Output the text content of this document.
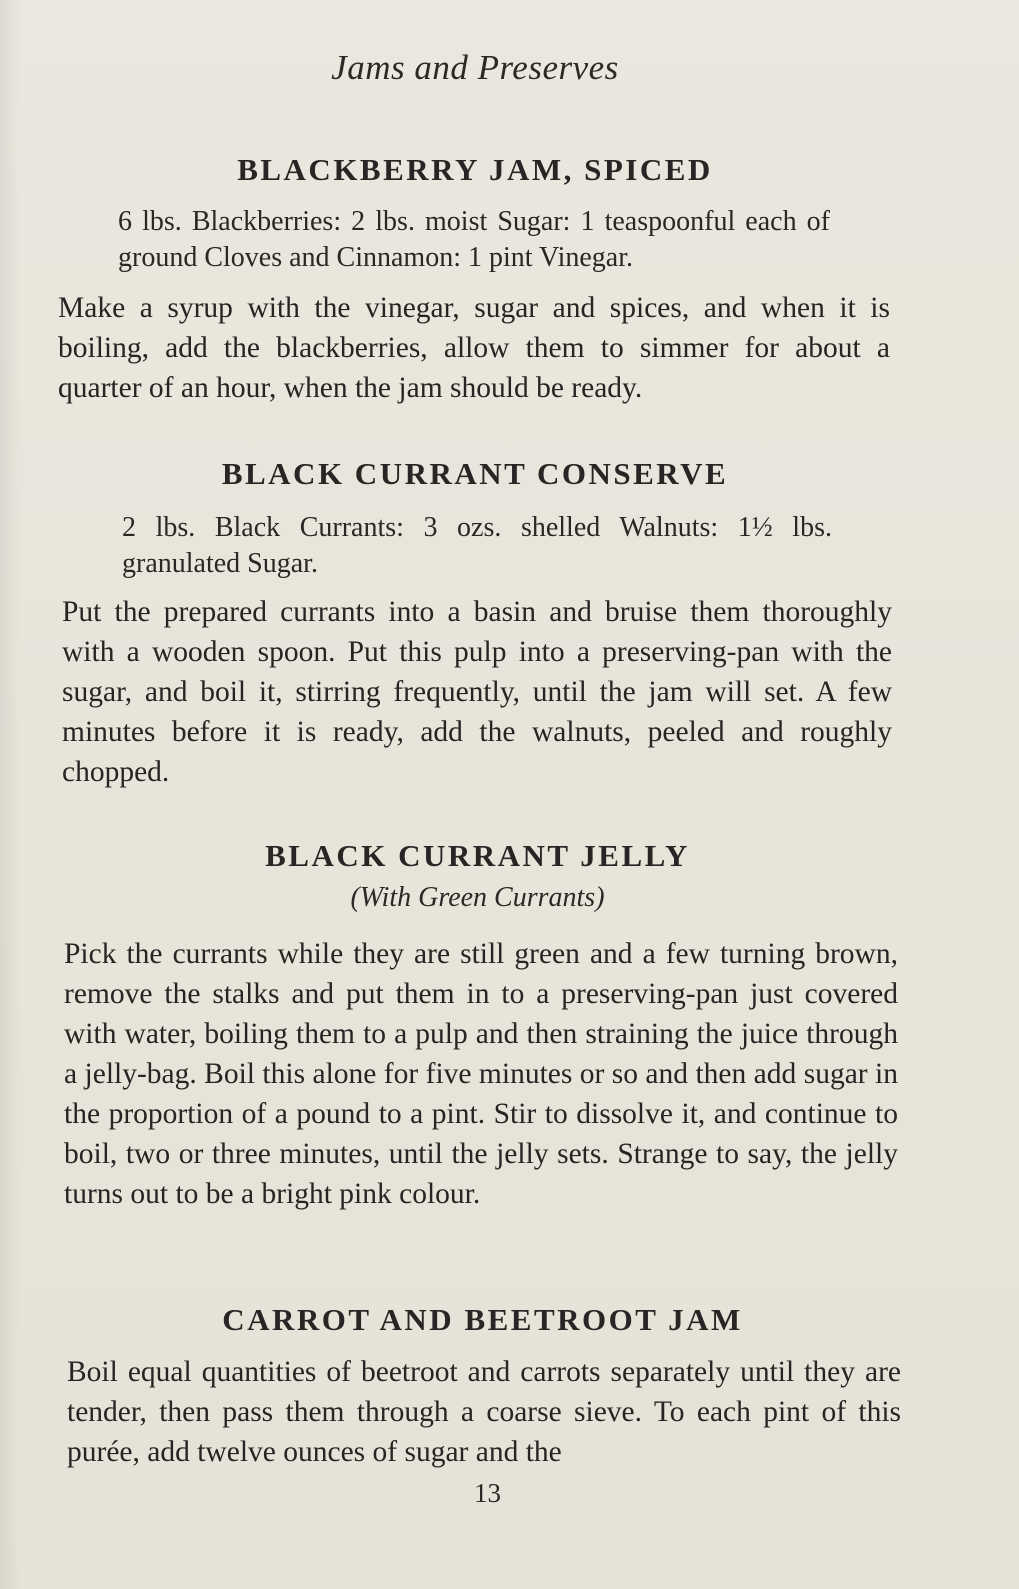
Jams and Preserves
BLACKBERRY JAM, SPICED
6 lbs. Blackberries: 2 lbs. moist Sugar: 1 teaspoonful each of ground Cloves and Cinnamon: 1 pint Vinegar.
Make a syrup with the vinegar, sugar and spices, and when it is boiling, add the blackberries, allow them to simmer for about a quarter of an hour, when the jam should be ready.
BLACK CURRANT CONSERVE
2 lbs. Black Currants: 3 ozs. shelled Walnuts: 1½ lbs. granulated Sugar.
Put the prepared currants into a basin and bruise them thoroughly with a wooden spoon. Put this pulp into a preserving-pan with the sugar, and boil it, stirring frequently, until the jam will set. A few minutes before it is ready, add the walnuts, peeled and roughly chopped.
BLACK CURRANT JELLY
(With Green Currants)
Pick the currants while they are still green and a few turning brown, remove the stalks and put them in to a preserving-pan just covered with water, boiling them to a pulp and then straining the juice through a jelly-bag. Boil this alone for five minutes or so and then add sugar in the proportion of a pound to a pint. Stir to dissolve it, and continue to boil, two or three minutes, until the jelly sets. Strange to say, the jelly turns out to be a bright pink colour.
CARROT AND BEETROOT JAM
Boil equal quantities of beetroot and carrots separately until they are tender, then pass them through a coarse sieve. To each pint of this purée, add twelve ounces of sugar and the
13
